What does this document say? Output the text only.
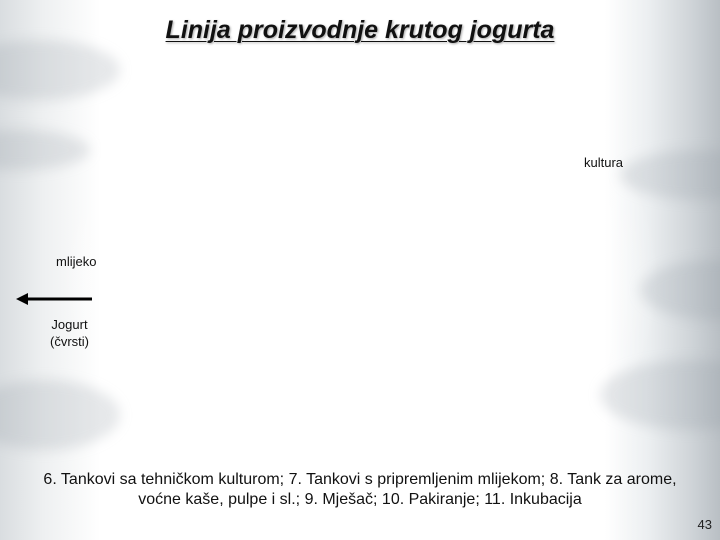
Linija proizvodnje krutog jogurta
kultura
mlijeko
Jogurt
(čvrsti)
6. Tankovi sa tehničkom kulturom; 7. Tankovi s pripremljenim mlijekom; 8. Tank za arome,
voćne kaše, pulpe i sl.; 9. Mješač; 10. Pakiranje; 11. Inkubacija
43
